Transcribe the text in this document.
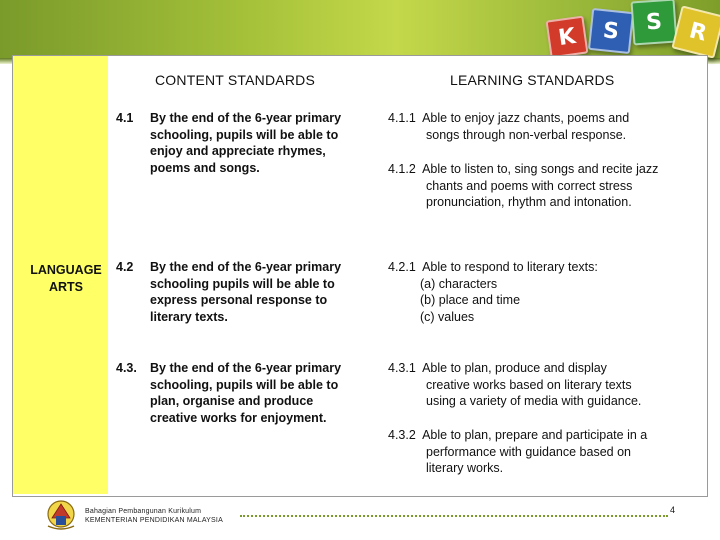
K	S	S	R
CONTENT STANDARDS	LEARNING STANDARDS
LANGUAGE
ARTS
4.1 By the end of the 6-year primary
schooling, pupils will be able to
enjoy and appreciate rhymes,
poems and songs.
4.1.1 Able to enjoy jazz chants, poems and
songs through non-verbal response.
4.1.2 Able to listen to, sing songs and recite jazz
chants and poems with correct stress
pronunciation, rhythm and intonation.
4.2 By the end of the 6-year primary
schooling pupils will be able to
express personal response to
literary texts.
4.2.1 Able to respond to literary texts:
(a) characters
(b) place and time
(c) values
4.3. By the end of the 6-year primary
schooling, pupils will be able to
plan, organise and produce
creative works for enjoyment.
4.3.1 Able to plan, produce and display
creative works based on literary texts
using a variety of media with guidance.
4.3.2 Able to plan, prepare and participate in a
performance with guidance based on
literary works.
Bahagian Pembangunan Kurikulum
KEMENTERIAN PENDIDIKAN MALAYSIA
4
